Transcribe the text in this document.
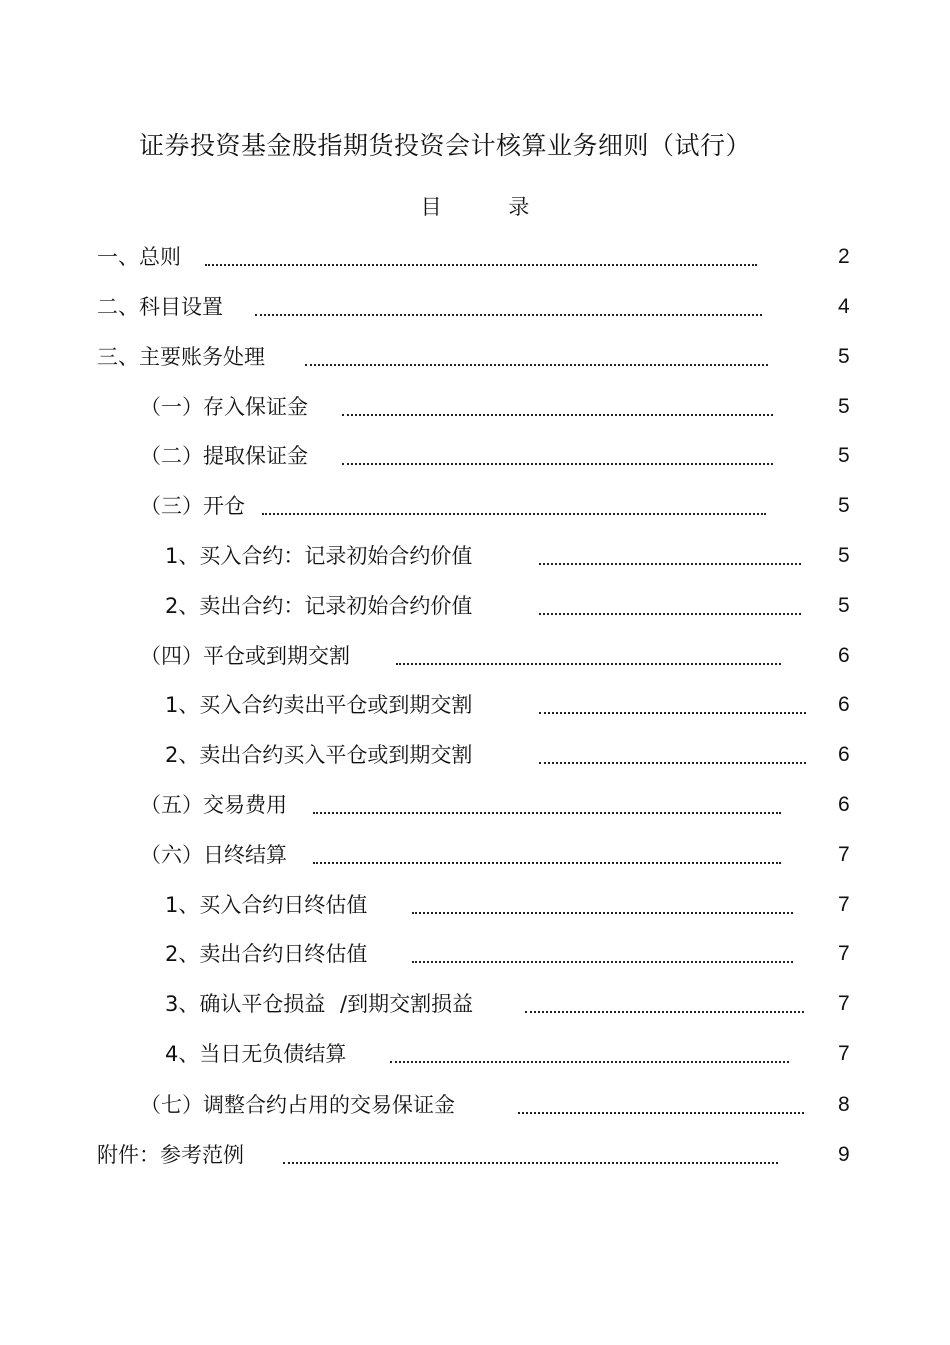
证券投资基金股指期货投资会计核算业务细则（试行）
目 录
一、总则	2
二、科目设置	4
三、主要账务处理	5
（一）存入保证金	5
（二）提取保证金	5
（三）开仓	5
1、买入合约：记录初始合约价值	5
2、卖出合约：记录初始合约价值	5
（四）平仓或到期交割	6
1、买入合约卖出平仓或到期交割	6
2、卖出合约买入平仓或到期交割	6
（五）交易费用	6
（六）日终结算	7
1、买入合约日终估值	7
2、卖出合约日终估值	7
3、确认平仓损益 /到期交割损益	7
4、当日无负债结算	7
（七）调整合约占用的交易保证金	8
附件：参考范例	9
